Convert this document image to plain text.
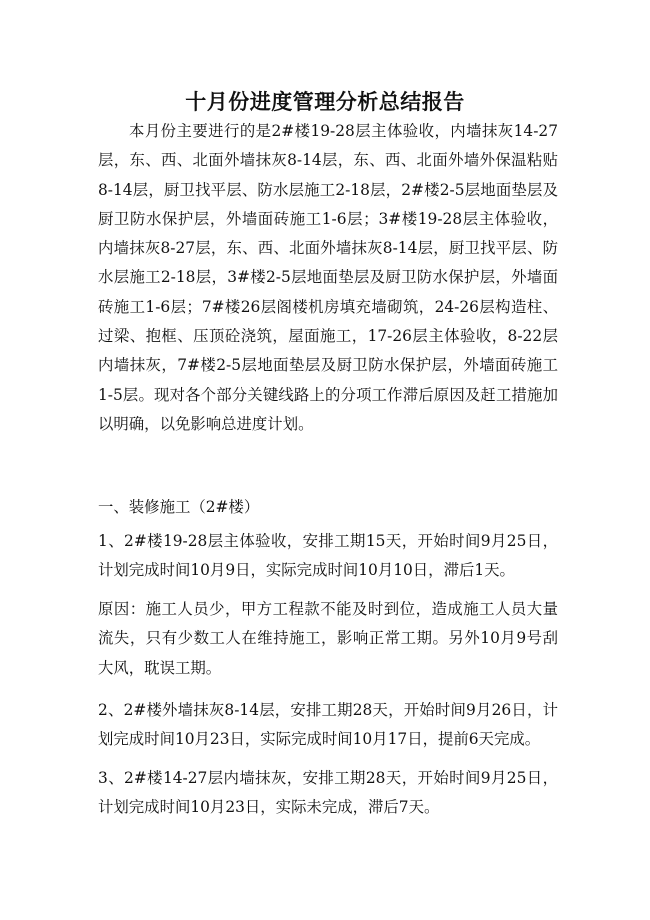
十月份进度管理分析总结报告

本月份主要进行的是2#楼19-28层主体验收，内墙抹灰14-27层，东、西、北面外墙抹灰8-14层，东、西、北面外墙外保温粘贴8-14层，厨卫找平层、防水层施工2-18层，2#楼2-5层地面垫层及厨卫防水保护层，外墙面砖施工1-6层；3#楼19-28层主体验收，内墙抹灰8-27层，东、西、北面外墙抹灰8-14层，厨卫找平层、防水层施工2-18层，3#楼2-5层地面垫层及厨卫防水保护层，外墙面砖施工1-6层；7#楼26层阁楼机房填充墙砌筑，24-26层构造柱、过梁、抱框、压顶砼浇筑，屋面施工，17-26层主体验收，8-22层内墙抹灰，7#楼2-5层地面垫层及厨卫防水保护层，外墙面砖施工1-5层。现对各个部分关键线路上的分项工作滞后原因及赶工措施加以明确，以免影响总进度计划。

一、装修施工（2#楼）

1、2#楼19-28层主体验收，安排工期15天，开始时间9月25日，计划完成时间10月9日，实际完成时间10月10日，滞后1天。

原因：施工人员少，甲方工程款不能及时到位，造成施工人员大量流失，只有少数工人在维持施工，影响正常工期。另外10月9号刮大风，耽误工期。

2、2#楼外墙抹灰8-14层，安排工期28天，开始时间9月26日，计划完成时间10月23日，实际完成时间10月17日，提前6天完成。

3、2#楼14-27层内墙抹灰，安排工期28天，开始时间9月25日，计划完成时间10月23日，实际未完成，滞后7天。
